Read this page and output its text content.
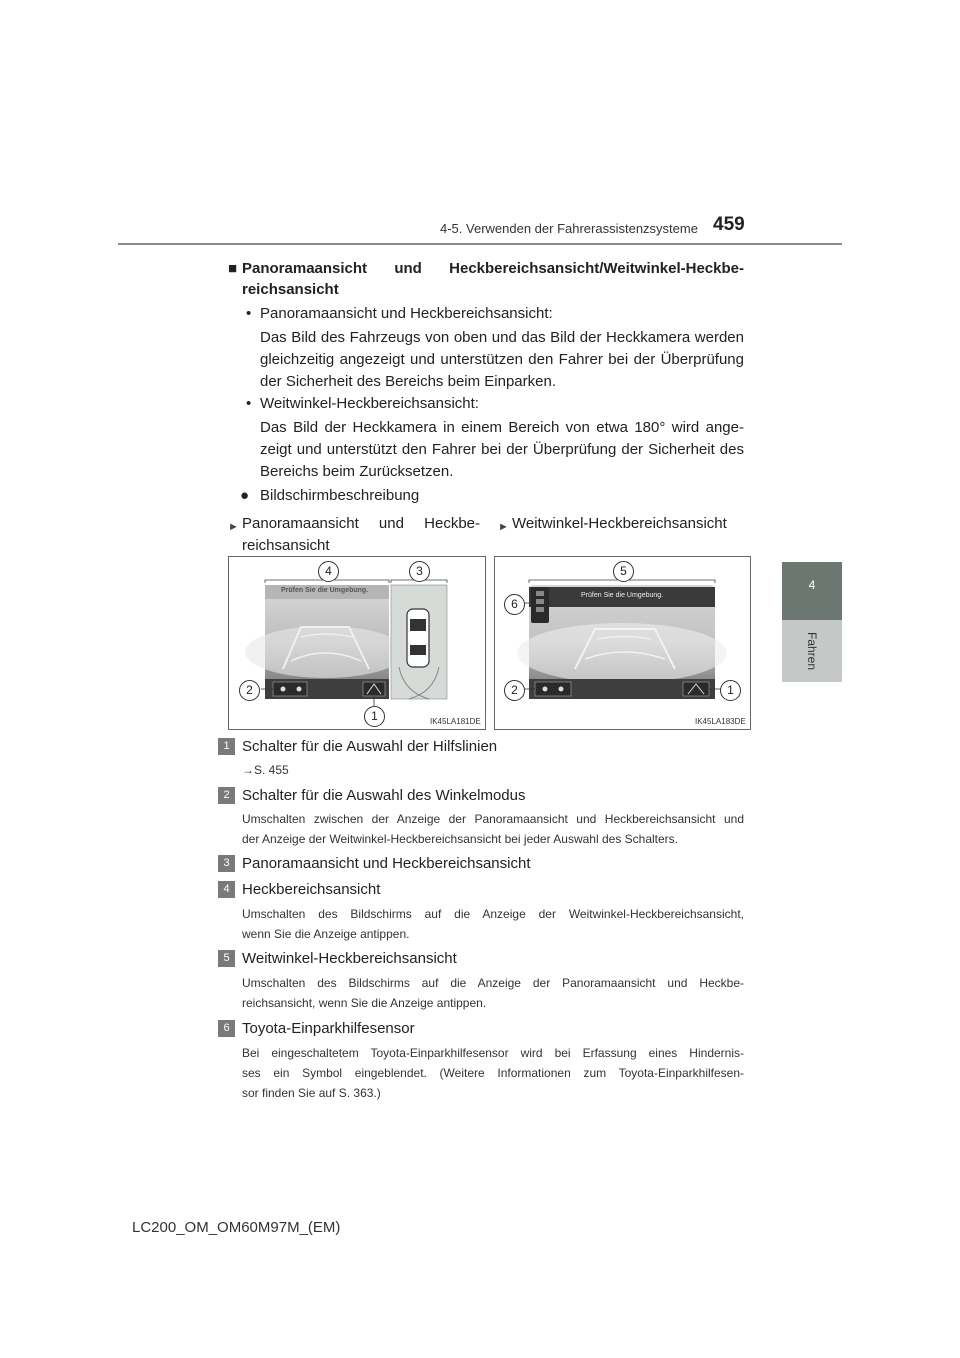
4-5. Verwenden der Fahrerassistenzsysteme 459
4
Fahren
■ Panoramaansicht und Heckbereichsansicht/Weitwinkel-Heckbe-
reichsansicht
• Panoramaansicht und Heckbereichsansicht:
Das Bild des Fahrzeugs von oben und das Bild der Heckkamera werden
gleichzeitig angezeigt und unterstützen den Fahrer bei der Überprüfung
der Sicherheit des Bereichs beim Einparken.
• Weitwinkel-Heckbereichsansicht:
Das Bild der Heckkamera in einem Bereich von etwa 180° wird ange-
zeigt und unterstützt den Fahrer bei der Überprüfung der Sicherheit des
Bereichs beim Zurücksetzen.
● Bildschirmbeschreibung
► Panoramaansicht und Heckbe-
reichsansicht
► Weitwinkel-Heckbereichsansicht
Prüfen Sie die Umgebung.
4	3
2
1	IK45LA181DE
Prüfen Sie die Umgebung.
5
6
2	1
IK45LA183DE
1 Schalter für die Auswahl der Hilfslinien
→S. 455
2 Schalter für die Auswahl des Winkelmodus
Umschalten zwischen der Anzeige der Panoramaansicht und Heckbereichsansicht und
der Anzeige der Weitwinkel-Heckbereichsansicht bei jeder Auswahl des Schalters.
3 Panoramaansicht und Heckbereichsansicht
4 Heckbereichsansicht
Umschalten des Bildschirms auf die Anzeige der Weitwinkel-Heckbereichsansicht,
wenn Sie die Anzeige antippen.
5 Weitwinkel-Heckbereichsansicht
Umschalten des Bildschirms auf die Anzeige der Panoramaansicht und Heckbe-
reichsansicht, wenn Sie die Anzeige antippen.
6 Toyota-Einparkhilfesensor
Bei eingeschaltetem Toyota-Einparkhilfesensor wird bei Erfassung eines Hindernis-
ses ein Symbol eingeblendet. (Weitere Informationen zum Toyota-Einparkhilfesen-
sor finden Sie auf S. 363.)
LC200_OM_OM60M97M_(EM)
